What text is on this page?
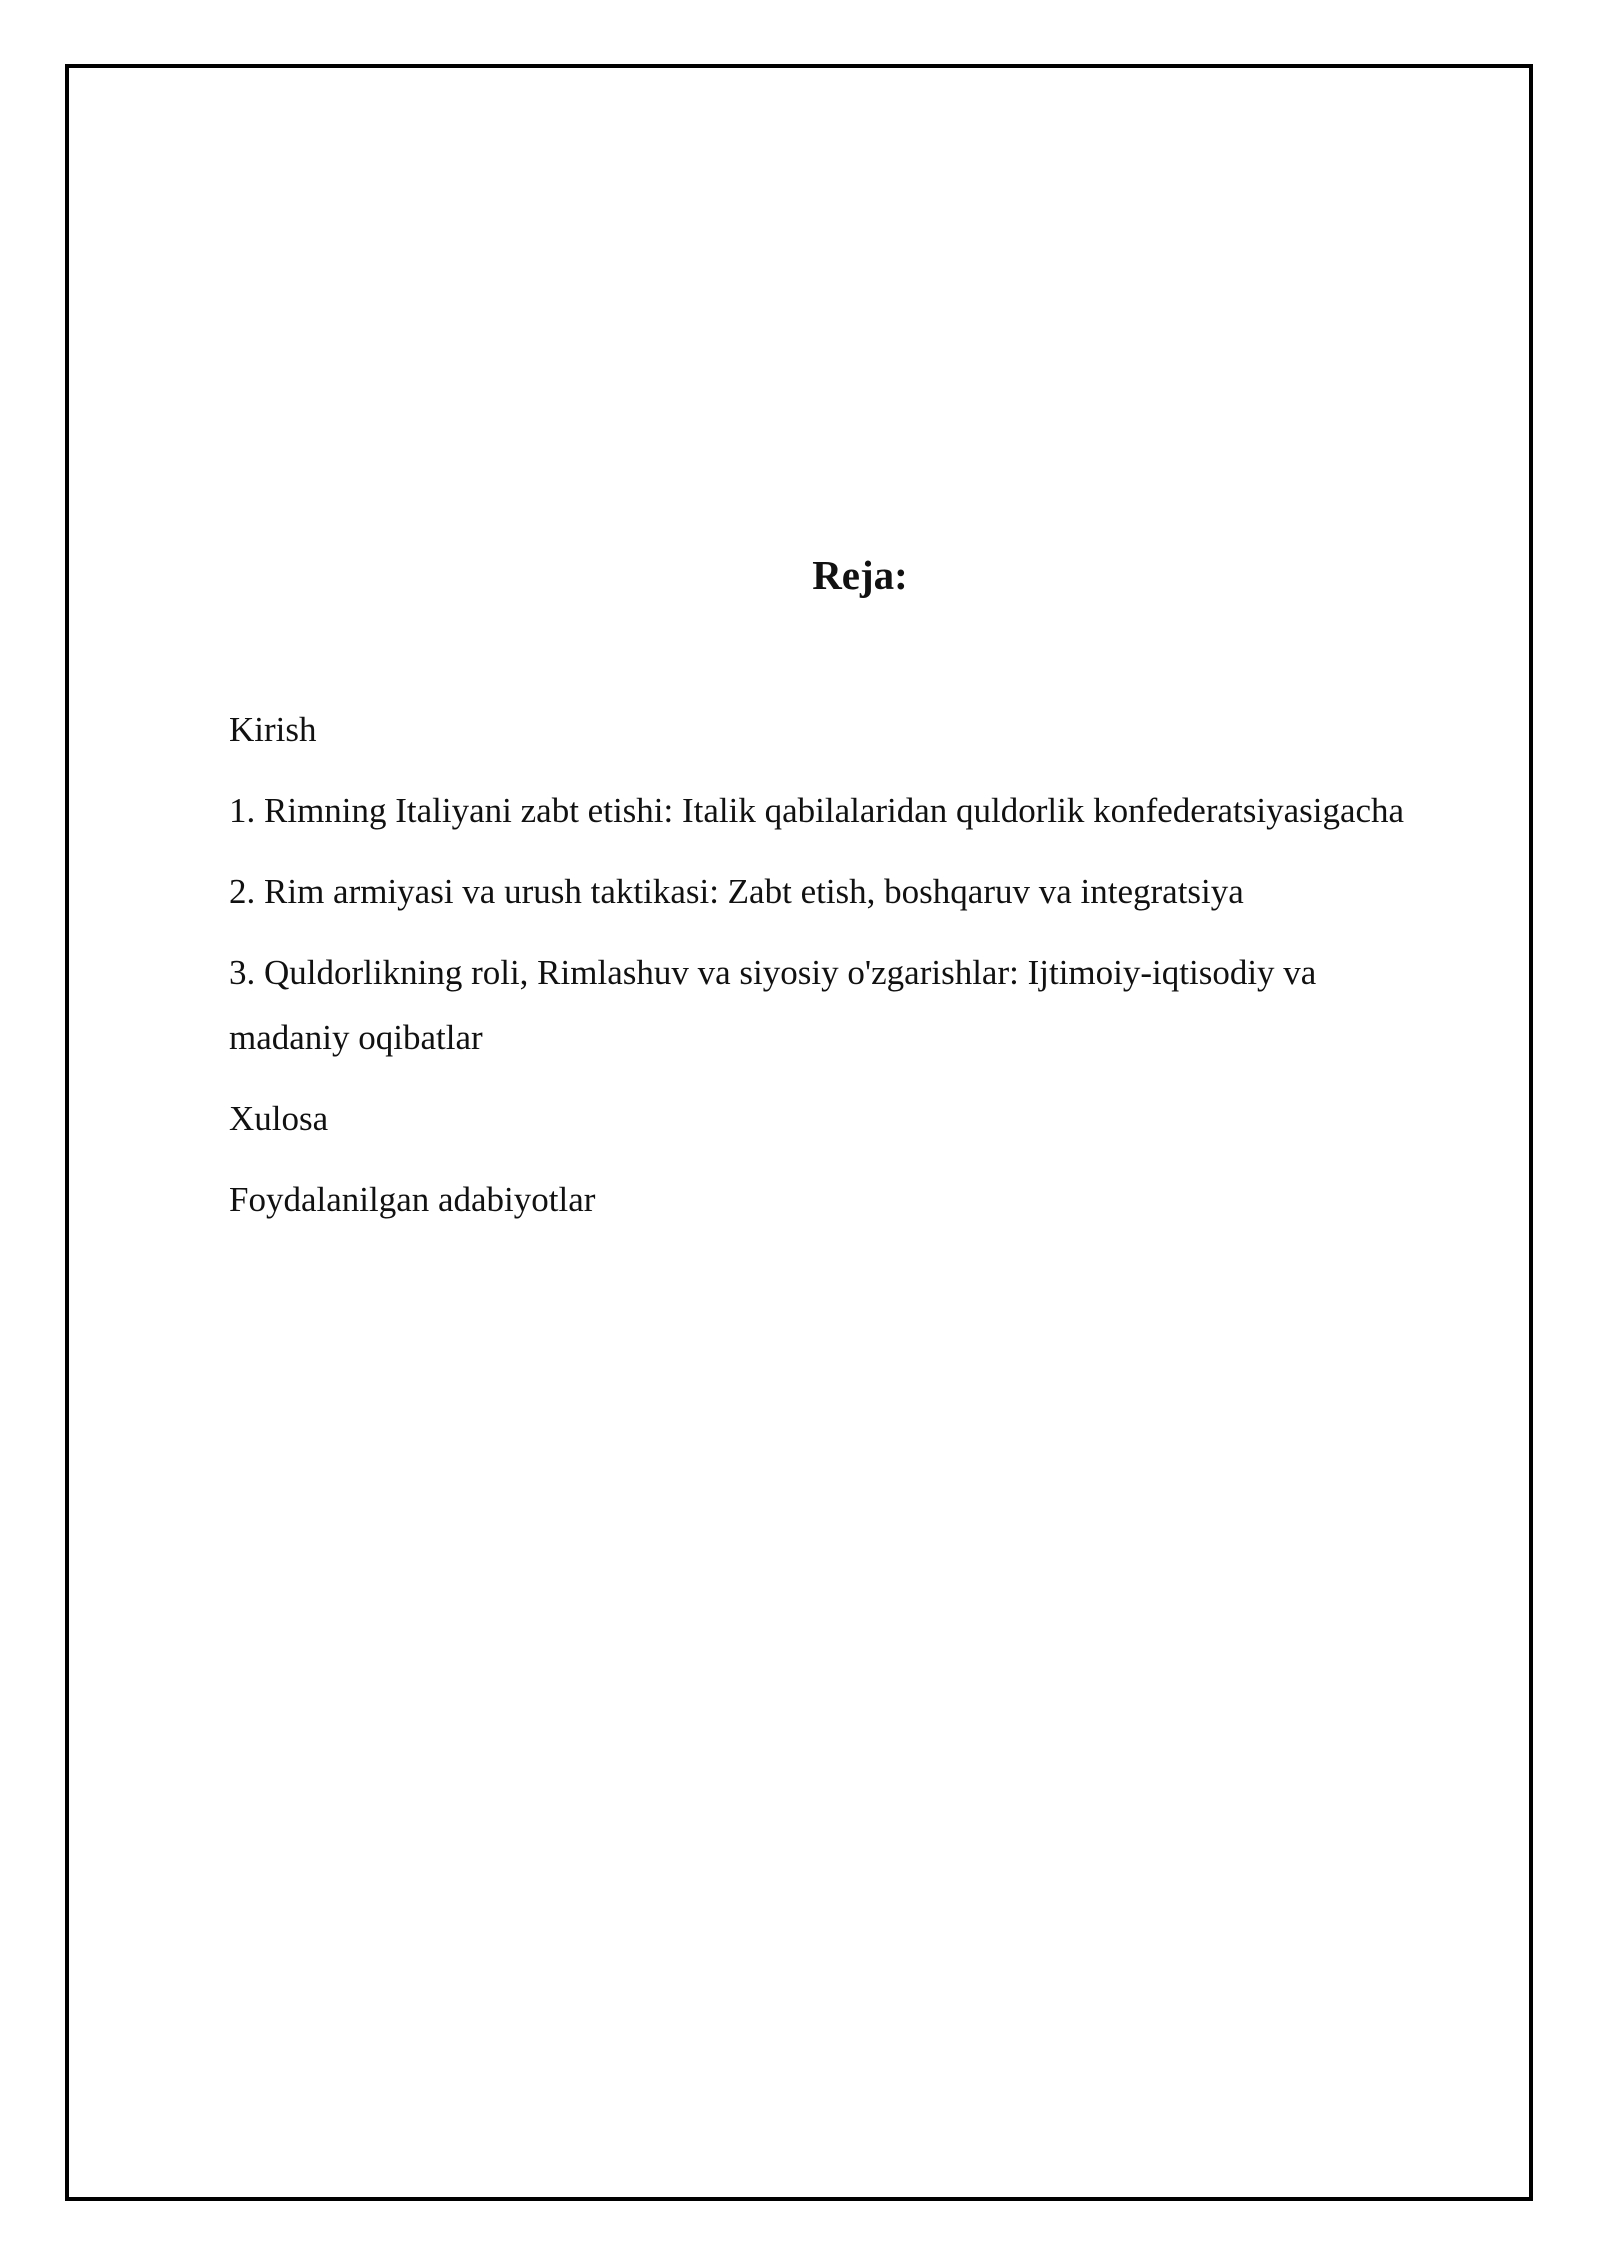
Reja:
Kirish
1. Rimning Italiyani zabt etishi: Italik qabilalaridan quldorlik konfederatsiyasigacha
2. Rim armiyasi va urush taktikasi: Zabt etish, boshqaruv va integratsiya
3. Quldorlikning roli, Rimlashuv va siyosiy o'zgarishlar: Ijtimoiy-iqtisodiy va madaniy oqibatlar
Xulosa
Foydalanilgan adabiyotlar
